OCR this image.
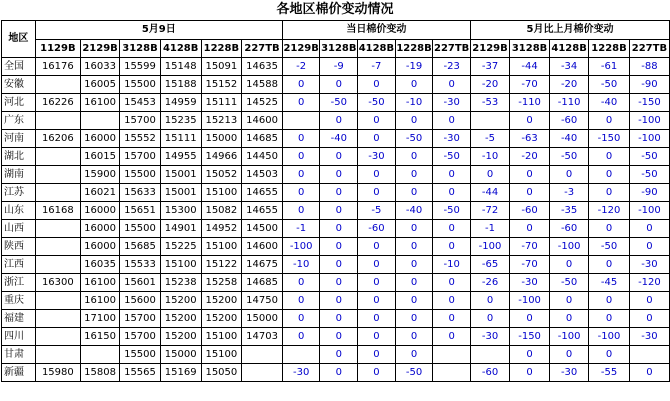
各地区棉价变动情况
地区	5月9日						当日棉价变动					5月比上月棉价变动				
	1129B	2129B	3128B	4128B	1228B	227TB	2129B	3128B	4128B	1228B	227TB	2129B	3128B	4128B	1228B	227TB
全国	16176	16033	15599	15148	15091	14635	-2	-9	-7	-19	-23	-37	-44	-34	-61	-88
安徽		16005	15500	15188	15152	14588	0	0	0	0	0	-20	-70	-20	-50	-90
河北	16226	16100	15453	14959	15111	14525	0	-50	-50	-10	-30	-53	-110	-110	-40	-150
广东			15700	15235	15213	14600		0	0	0	0		0	-60	0	-100
河南	16206	16000	15552	15111	15000	14685	0	-40	0	-50	-30	-5	-63	-40	-150	-100
湖北		16015	15700	14955	14966	14450	0	0	-30	0	-50	-10	-20	-50	0	-50
湖南		15900	15500	15001	15052	14503	0	0	0	0	0	0	0	0	0	-50
江苏		16021	15633	15001	15100	14655	0	0	0	0	0	-44	0	-3	0	-90
山东	16168	16000	15651	15300	15082	14655	0	0	-5	-40	-50	-72	-60	-35	-120	-100
山西		16000	15500	14901	14952	14500	-1	0	-60	0	0	-1	0	-60	0	0
陕西		16000	15685	15225	15100	14600	-100	0	0	0	0	-100	-70	-100	-50	0
江西		16035	15533	15100	15122	14675	-10	0	0	0	-10	-65	-70	0	0	-30
浙江	16300	16100	15601	15238	15258	14685	0	0	0	0	0	-26	-30	-50	-45	-120
重庆		16100	15600	15200	15200	14750	0	0	0	0	0	0	-100	0	0	0
福建		17100	15700	15200	15200	15000	0	0	0	0	0	0	0	0	0	0
四川		16150	15700	15200	15100	14703	0	0	0	0	0	-30	-150	-100	-100	-30
甘肃			15500	15000	15100			0	0	0			0	0	0	
新疆	15980	15808	15565	15169	15050		-30	0	0	-50		-60	0	-30	-55	0
